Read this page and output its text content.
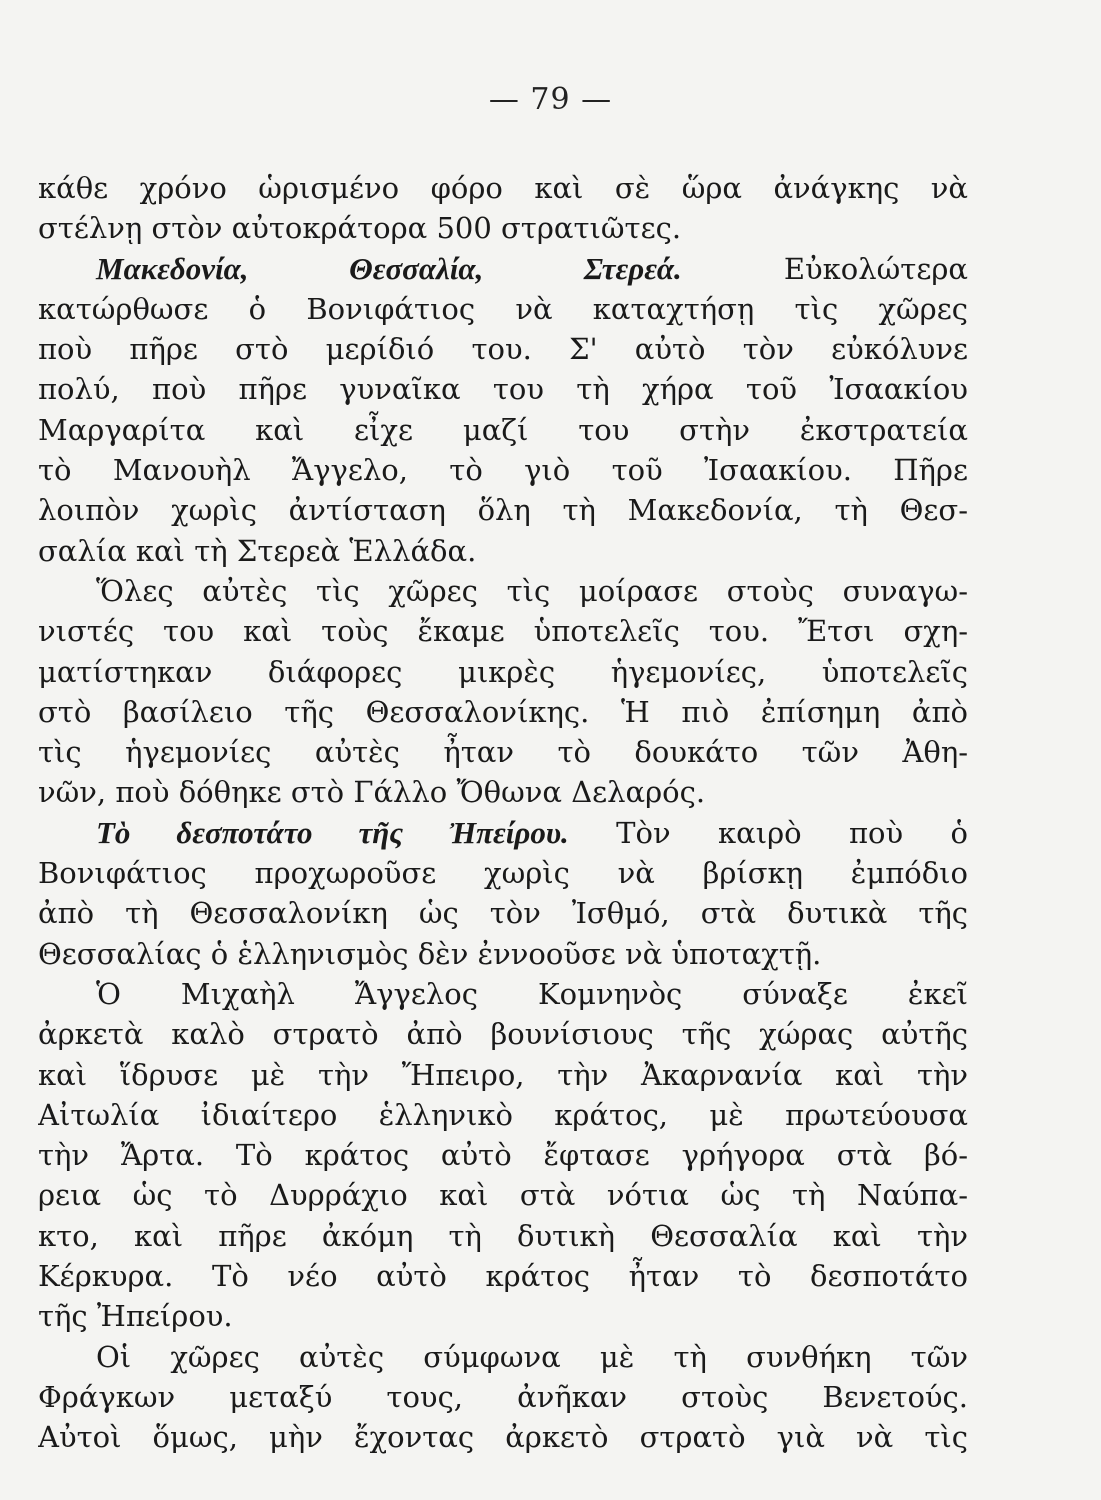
— 79 —
κάθε χρόνο ὡρισμένο φόρο καὶ σὲ ὥρα ἀνάγκης νὰ
στέλνῃ στὸν αὐτοκράτορα 500 στρατιῶτες.
Μακεδονία, Θεσσαλία, Στερεά. Εὐκολώτερα
κατώρθωσε ὁ Βονιφάτιος νὰ καταχτήσῃ τὶς χῶρες
ποὺ πῆρε στὸ μερίδιό του. Σ' αὐτὸ τὸν εὐκόλυνε
πολύ, ποὺ πῆρε γυναῖκα του τὴ χήρα τοῦ Ἰσαακίου
Μαργαρίτα καὶ εἶχε μαζί του στὴν ἐκστρατεία
τὸ Μανουὴλ Ἄγγελο, τὸ γιὸ τοῦ Ἰσαακίου. Πῆρε
λοιπὸν χωρὶς ἀντίσταση ὅλη τὴ Μακεδονία, τὴ Θεσ-
σαλία καὶ τὴ Στερεὰ Ἑλλάδα.
Ὅλες αὐτὲς τὶς χῶρες τὶς μοίρασε στοὺς συναγω-
νιστές του καὶ τοὺς ἔκαμε ὑποτελεῖς του. Ἔτσι σχη-
ματίστηκαν διάφορες μικρὲς ἡγεμονίες, ὑποτελεῖς
στὸ βασίλειο τῆς Θεσσαλονίκης. Ἡ πιὸ ἐπίσημη ἀπὸ
τὶς ἡγεμονίες αὐτὲς ἦταν τὸ δουκάτο τῶν Ἀθη-
νῶν, ποὺ δόθηκε στὸ Γάλλο Ὄθωνα Δελαρός.
Τὸ δεσποτάτο τῆς Ἠπείρου. Τὸν καιρὸ ποὺ ὁ
Βονιφάτιος προχωροῦσε χωρὶς νὰ βρίσκῃ ἐμπόδιο
ἀπὸ τὴ Θεσσαλονίκη ὡς τὸν Ἰσθμό, στὰ δυτικὰ τῆς
Θεσσαλίας ὁ ἑλληνισμὸς δὲν ἐννοοῦσε νὰ ὑποταχτῇ.
Ὁ Μιχαὴλ Ἄγγελος Κομνηνὸς σύναξε ἐκεῖ
ἀρκετὰ καλὸ στρατὸ ἀπὸ βουνίσιους τῆς χώρας αὐτῆς
καὶ ἵδρυσε μὲ τὴν Ἤπειρο, τὴν Ἀκαρνανία καὶ τὴν
Αἰτωλία ἰδιαίτερο ἑλληνικὸ κράτος, μὲ πρωτεύουσα
τὴν Ἄρτα. Τὸ κράτος αὐτὸ ἔφτασε γρήγορα στὰ βό-
ρεια ὡς τὸ Δυρράχιο καὶ στὰ νότια ὡς τὴ Ναύπα-
κτο, καὶ πῆρε ἀκόμη τὴ δυτικὴ Θεσσαλία καὶ τὴν
Κέρκυρα. Τὸ νέο αὐτὸ κράτος ἦταν τὸ δεσποτάτο
τῆς Ἠπείρου.
Οἱ χῶρες αὐτὲς σύμφωνα μὲ τὴ συνθήκη τῶν
Φράγκων μεταξύ τους, ἀνῆκαν στοὺς Βενετούς.
Αὐτοὶ ὅμως, μὴν ἔχοντας ἀρκετὸ στρατὸ γιὰ νὰ τὶς
